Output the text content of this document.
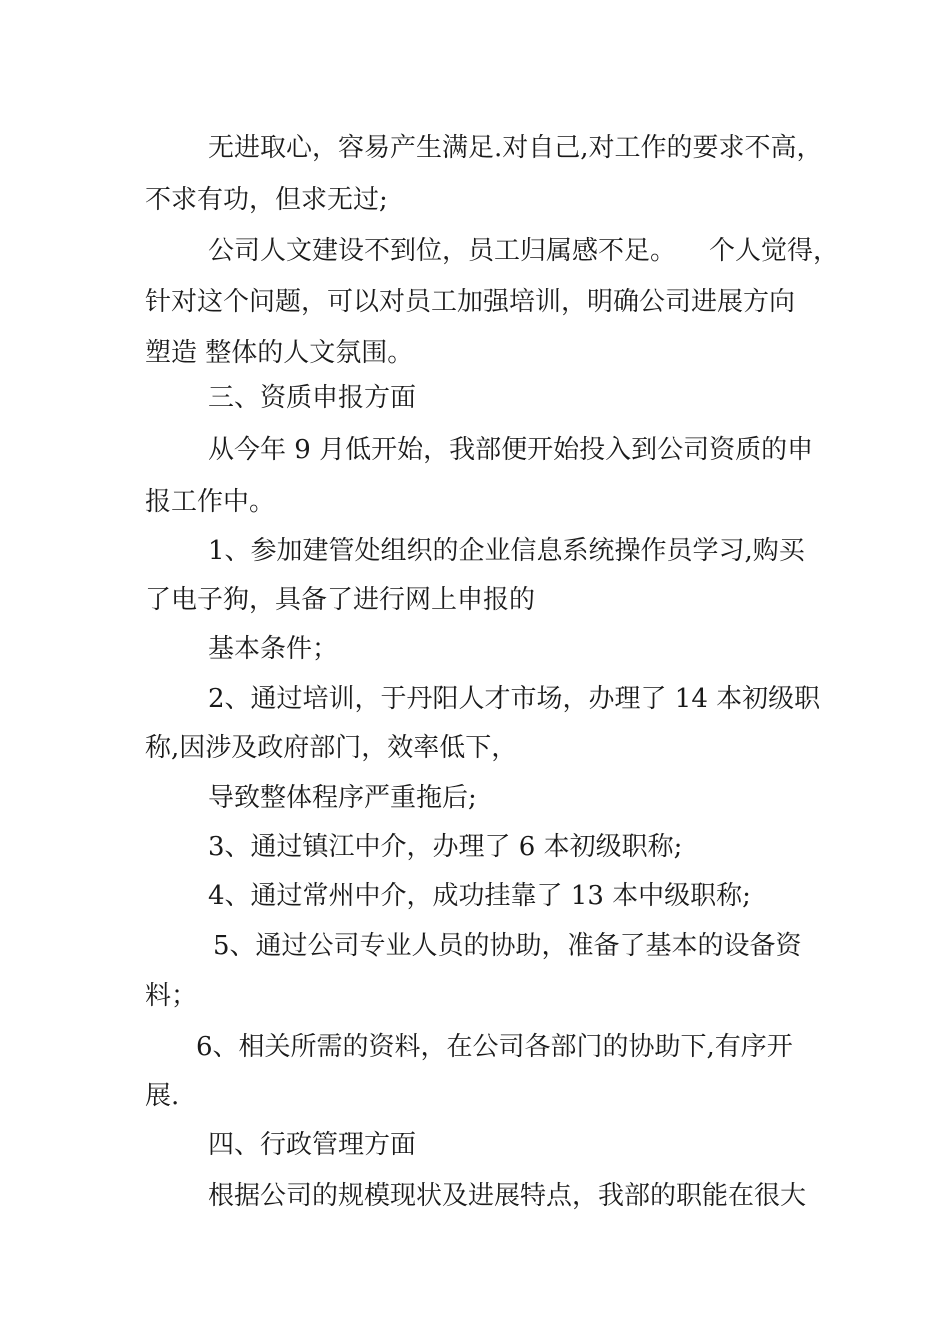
无进取心，容易产生满足.对自己,对工作的要求不高，

不求有功，但求无过;

公司人文建设不到位，员工归属感不足。    个人觉得，

针对这个问题，可以对员工加强培训，明确公司进展方向

塑造 整体的人文氛围。

三、资质申报方面

从今年 9 月低开始，我部便开始投入到公司资质的申

报工作中。

1、参加建管处组织的企业信息系统操作员学习,购买

了电子狗，具备了进行网上申报的

基本条件；

2、通过培训，于丹阳人才市场，办理了 14 本初级职

称,因涉及政府部门，效率低下，

导致整体程序严重拖后;

3、通过镇江中介，办理了 6 本初级职称;

4、通过常州中介，成功挂靠了 13 本中级职称;

5、通过公司专业人员的协助，准备了基本的设备资

料；

6、相关所需的资料，在公司各部门的协助下,有序开

展.

四、行政管理方面

根据公司的规模现状及进展特点，我部的职能在很大
